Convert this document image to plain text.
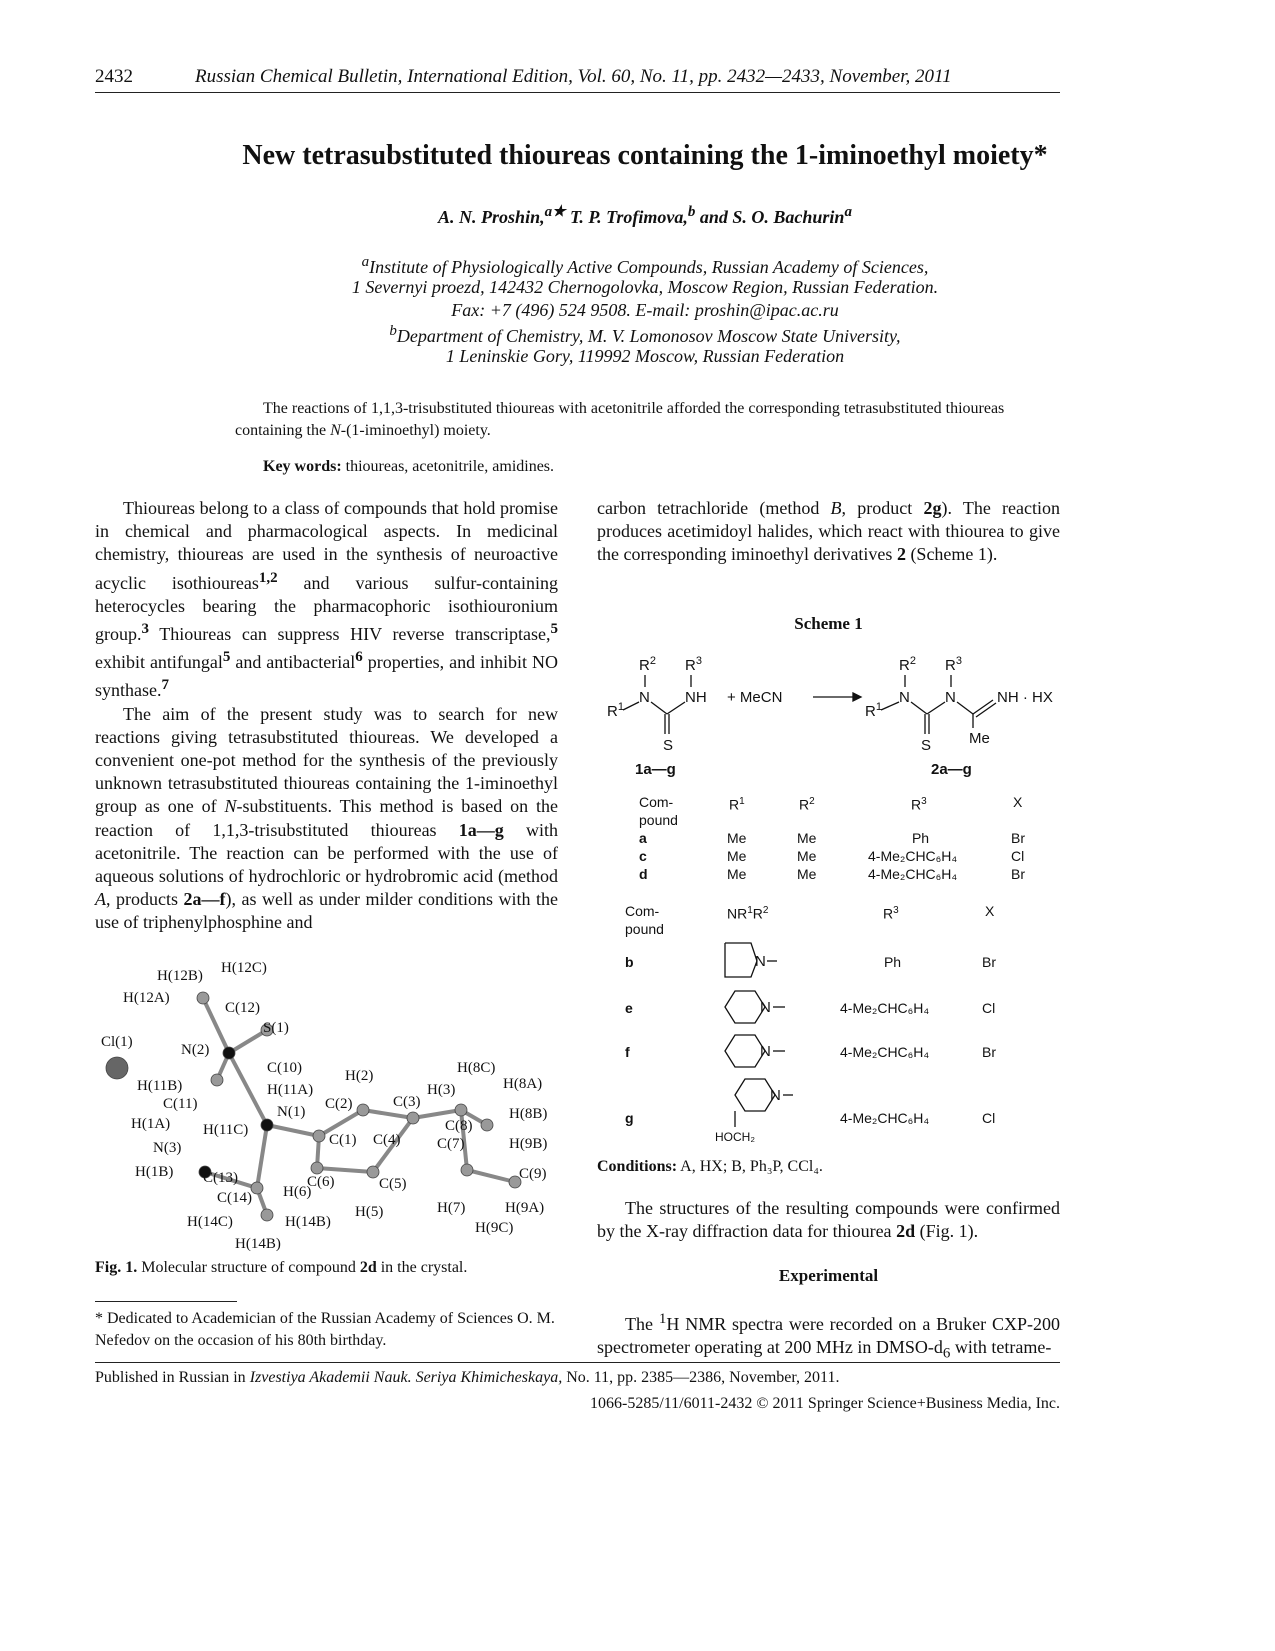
2432	Russian Chemical Bulletin, International Edition, Vol. 60, No. 11, pp. 2432—2433, November, 2011
New tetrasubstituted thioureas containing the 1-iminoethyl moiety*
A. N. Proshin,$^{a★}$ T. P. Trofimova,$^b$ and S. O. Bachurin$^a$
$^a$Institute of Physiologically Active Compounds, Russian Academy of Sciences,
1 Severnyi proezd, 142432 Chernogolovka, Moscow Region, Russian Federation.
Fax: +7 (496) 524 9508. E-mail: proshin@ipac.ac.ru
$^b$Department of Chemistry, M. V. Lomonosov Moscow State University,
1 Leninskie Gory, 119992 Moscow, Russian Federation
The reactions of 1,1,3-trisubstituted thioureas with acetonitrile afforded the corresponding tetrasubstituted thioureas containing the N-(1-iminoethyl) moiety.
Key words: thioureas, acetonitrile, amidines.

Thioureas belong to a class of compounds that hold promise in chemical and pharmacological aspects. In medicinal chemistry, thioureas are used in the synthesis of neuroactive acyclic isothioureas$^{1,2}$ and various sulfur-containing heterocycles bearing the pharmacophoric isothiouronium group.$^3$ Thioureas can suppress HIV reverse transcriptase,$^5$ exhibit antifungal$^5$ and antibacterial$^6$ properties, and inhibit NO synthase.$^7$

The aim of the present study was to search for new reactions giving tetrasubstituted thioureas. We developed a convenient one-pot method for the synthesis of the previously unknown tetrasubstituted thioureas containing the 1-iminoethyl group as one of N-substituents. This method is based on the reaction of 1,1,3-trisubstituted thioureas 1a—g with acetonitrile. The reaction can be performed with the use of aqueous solutions of hydrochloric or hydrobromic acid (method A, products 2a—f), as well as under milder conditions with the use of triphenylphosphine and

carbon tetrachloride (method B, product 2g). The reaction produces acetimidoyl halides, which react with thiourea to give the corresponding iminoethyl derivatives 2 (Scheme 1).

Scheme 1
$R^2$ $R^3$
$R^1$
N NH
S
+ MeCN
$R^2$ $R^3$
$R^1$
N N	NH · HX
S	Me
1a—g	2a—g
Com-
pound
$R^1$	$R^2$	$R^3$	X
a	Me	Me	Ph	Br
c	Me	Me	4-Me₂CHC₆H₄	Cl
d	Me	Me	4-Me₂CHC₆H₄	Br
Com-
pound
$NR^1R^2$	$R^3$	X
b	Ph	Br
e	4-Me₂CHC₆H₄	Cl
f	4-Me₂CHC₆H₄	Br
g	4-Me₂CHC₆H₄	Cl
N
N
N
N
HOCH₂
Conditions: A, HX; B, Ph₃P, CCl₄.

The structures of the resulting compounds were confirmed by the X-ray diffraction data for thiourea 2d (Fig. 1).

Experimental

The $^1$H NMR spectra were recorded on a Bruker CXP-200 spectrometer operating at 200 MHz in DMSO-$d_6$ with tetrame-

H(12B) H(12C)
H(12A)
C(12)
S(1)
Cl(1)	N(2)
C(10)	H(2)	H(8C)
H(8A)
H(11B)	H(11A)	H(3)
C(11)	C(2)	C(3)
H(8B)
N(1)
C(8)
H(1A) H(11C)
C(1) C(4) C(7)	H(9B)
N(3)
H(1B) C(13)	C(6)	C(5)
C(9)
C(14) H(6)
H(7)	H(9A)
H(5)
H(14C)	H(14B)	H(9C)
H(14B)
Fig. 1. Molecular structure of compound 2d in the crystal.
* Dedicated to Academician of the Russian Academy of Sciences O. M. Nefedov on the occasion of his 80th birthday.
Published in Russian in Izvestiya Akademii Nauk. Seriya Khimicheskaya, No. 11, pp. 2385—2386, November, 2011.
1066-5285/11/6011-2432 © 2011 Springer Science+Business Media, Inc.
